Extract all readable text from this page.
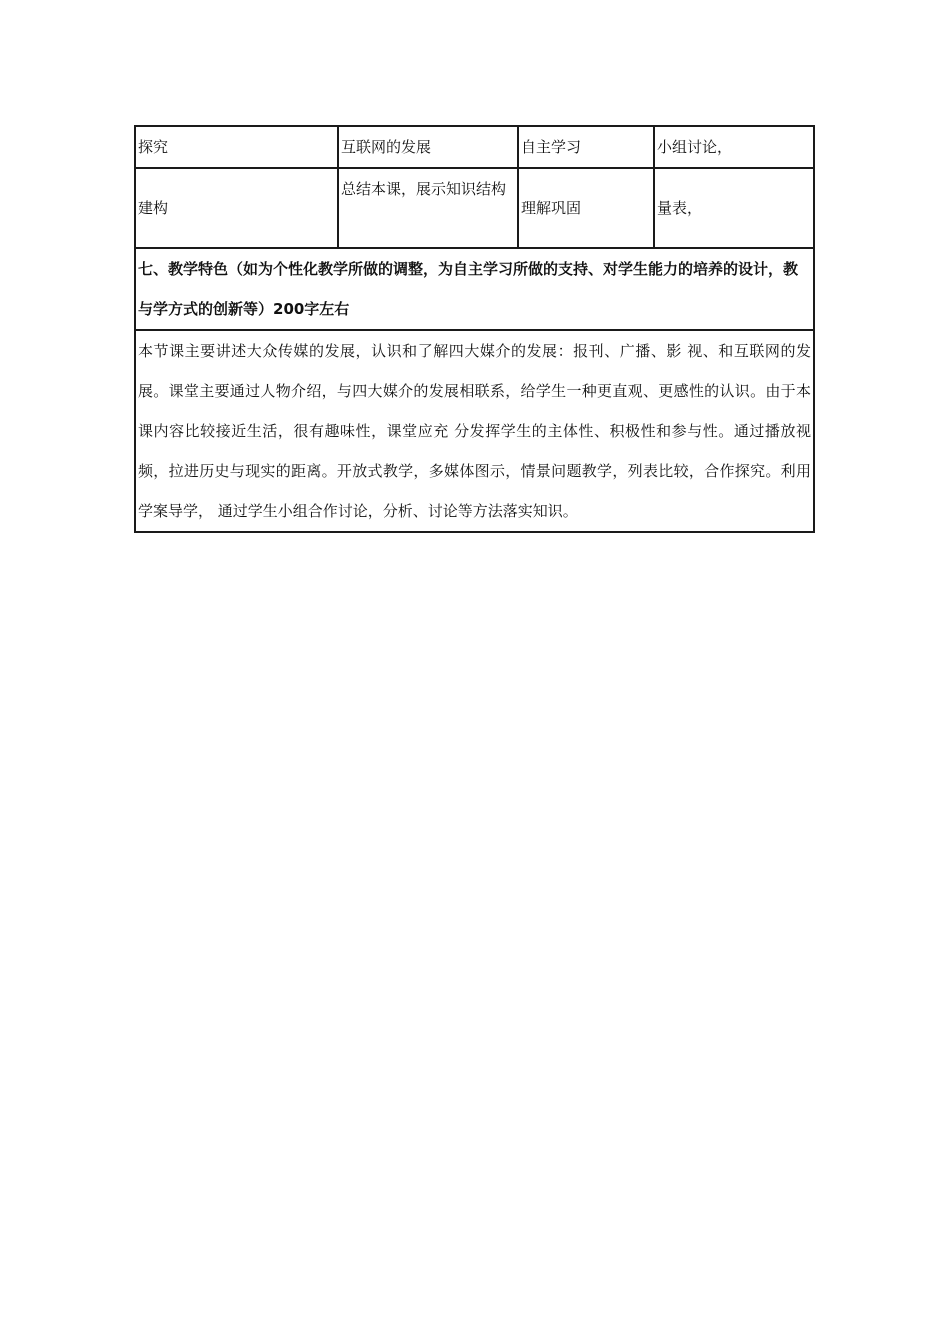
探究	互联网的发展	自主学习	小组讨论，
建构	总结本课，展示知识结构	理解巩固	量表，
七、教学特色（如为个性化教学所做的调整，为自主学习所做的支持、对学生能力的培养的设计，教与学方式的创新等）200字左右			
本节课主要讲述大众传媒的发展，认识和了解四大媒介的发展：报刊、广播、影 视、和互联网的发展。课堂主要通过人物介绍，与四大媒介的发展相联系，给学生一种更直观、更感性的认识。由于本课内容比较接近生活，很有趣味性，课堂应充 分发挥学生的主体性、积极性和参与性。通过播放视频，拉进历史与现实的距离。开放式教学，多媒体图示，情景问题教学，列表比较，合作探究。利用学案导学， 通过学生小组合作讨论，分析、讨论等方法落实知识。			
